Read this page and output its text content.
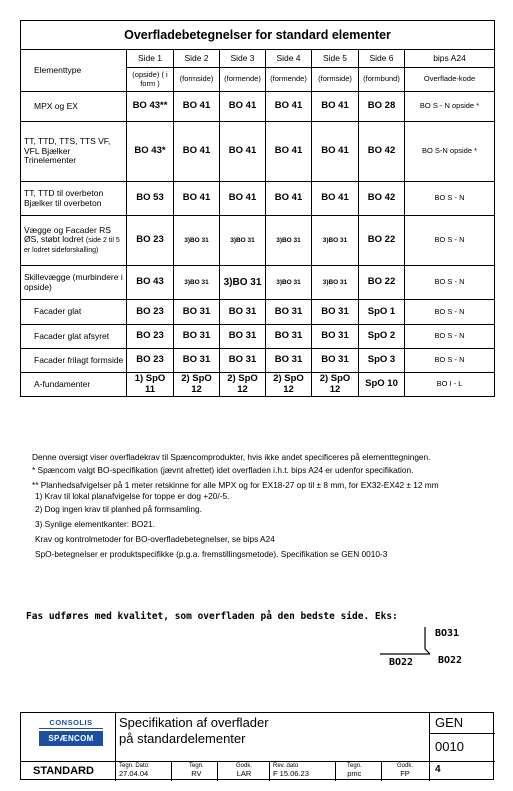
Overfladebetegnelser for standard elementer							
Elementtype	Side 1	Side 2	Side 3	Side 4	Side 5	Side 6	bips A24
	(opside) ( i form )	(formside)	(formende)	(formende)	(formside)	(formbund)	Overflade-kode
MPX og EX	BO 43**	BO 41	BO 41	BO 41	BO 41	BO 28	BO S - N opside *
TT, TTD, TTS, TTS VF, VFL Bjælker Trinelementer	BO 43*	BO 41	BO 41	BO 41	BO 41	BO 42	BO S-N opside *
TT, TTD til overbeton Bjælker til overbeton	BO 53	BO 41	BO 41	BO 41	BO 41	BO 42	BO S - N
Vægge og Facader RS ØS, støbt lodret (side 2 til 5 er lodret sideforskalling)	BO 23	3)BO 31	3)BO 31	3)BO 31	3)BO 31	BO 22	BO S - N
Skillevægge (murbindere i opside)	BO 43	3)BO 31	3)BO 31	3)BO 31	3)BO 31	BO 22	BO S - N
Facader glat	BO 23	BO 31	BO 31	BO 31	BO 31	SpO 1	BO S - N
Facader glat afsyret	BO 23	BO 31	BO 31	BO 31	BO 31	SpO 2	BO S - N
Facader frilagt formside	BO 23	BO 31	BO 31	BO 31	BO 31	SpO 3	BO S - N
A-fundamenter	1) SpO 11	2) SpO 12	2) SpO 12	2) SpO 12	2) SpO 12	SpO 10	BO I - L
Denne oversigt viser overfladekrav til Spæncomprodukter, hvis ikke andet specificeres på elementtegningen.
* Spæncom valgt BO-specifikation (jævnt afrettet) idet overfladen i.h.t. bips A24 er udenfor specifikation.
** Planhedsafvigelser på 1 meter retskinne for alle MPX og for EX18-27 op til ± 8 mm, for EX32-EX42 ± 12 mm
1) Krav til lokal planafvigelse for toppe er dog +20/-5.
2) Dog ingen krav til planhed på formsamling.
3) Synlige elementkanter: BO21.
Krav og kontrolmetoder for BO-overfladebetegnelser, se bips A24
SpO-betegnelser er produktspecifikke (p.g.a. fremstillingsmetode). Specifikation se GEN 0010-3
Fas udføres med kvalitet, som overfladen på den bedste side. Eks:
BO31
BO22 BO22
CONSOLIS
SPÆNCOM
Specifikation af overflader
på standardelementer
GEN
0010
4
STANDARD	Tegn. Dato:
27.04.04
Tegn.
RV
Godk.
LAR
Rev. dato
F 15.06.23
Tegn.
pmc
Godk.
FP
